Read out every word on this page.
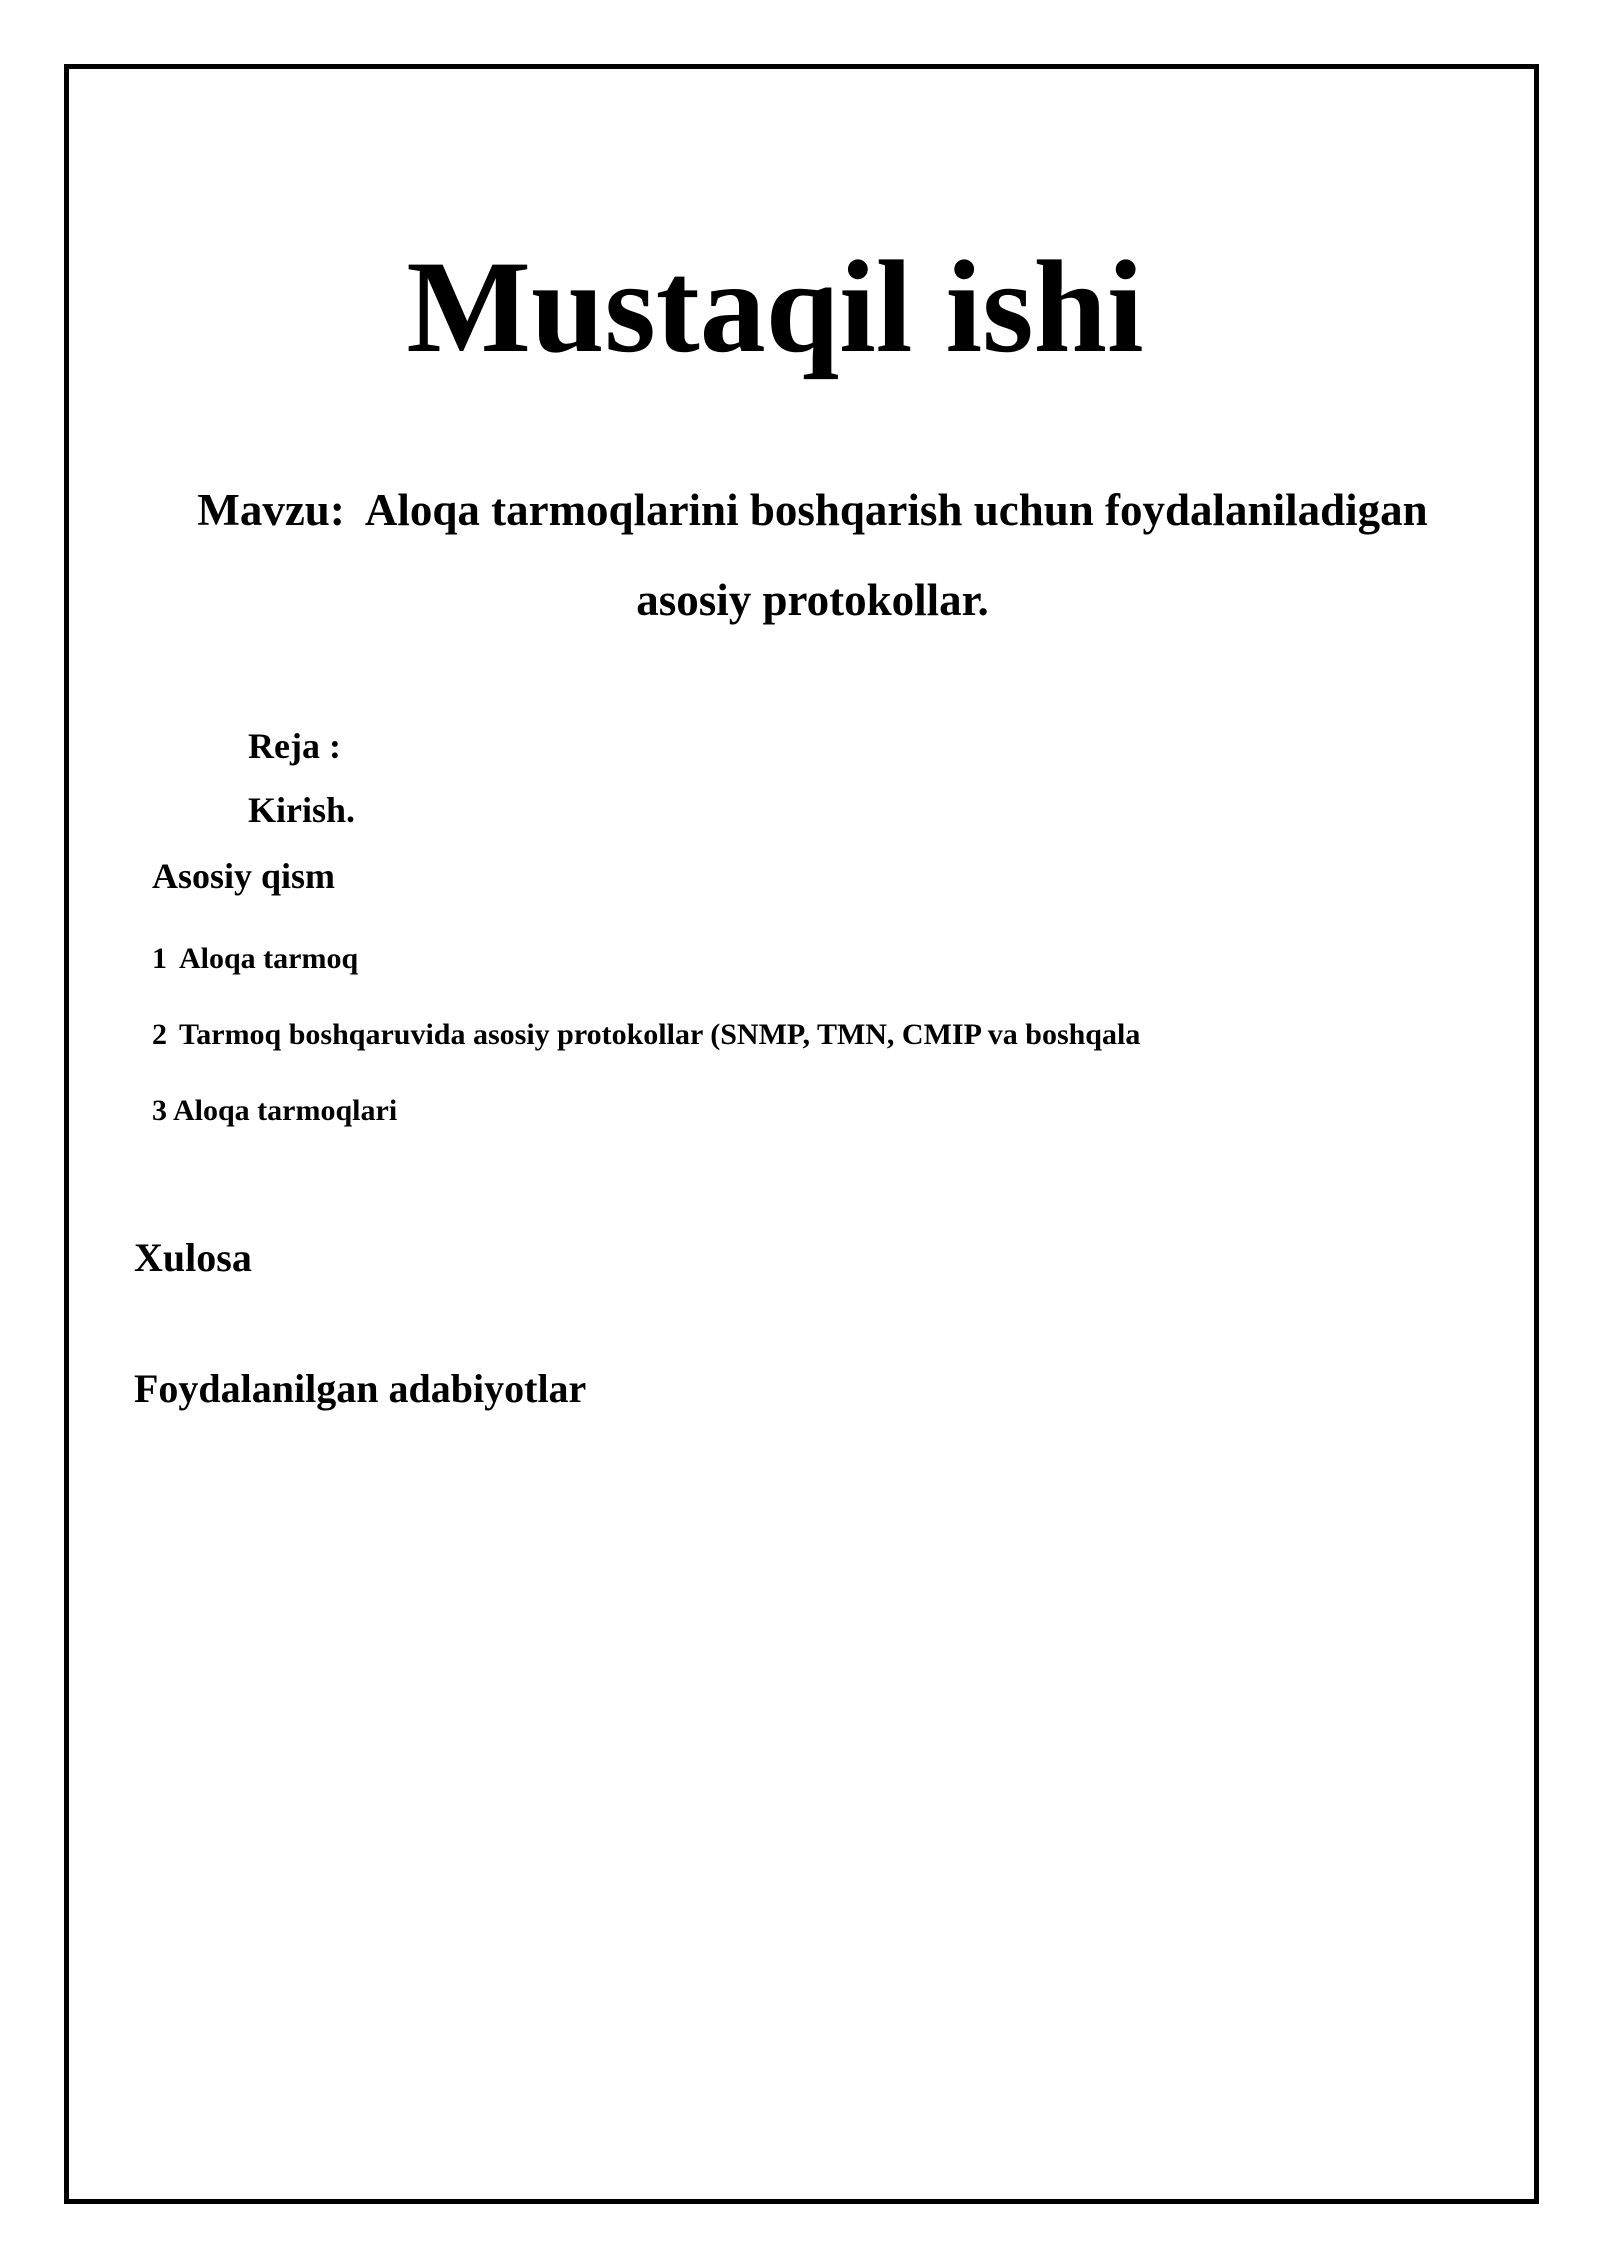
Mustaqil ishi

Mavzu: Aloqa tarmoqlarini boshqarish uchun foydalaniladigan

asosiy protokollar.

Reja :

Kirish.

Asosiy qism

1 Aloqa tarmoq

2 Tarmoq boshqaruvida asosiy protokollar (SNMP, TMN, CMIP va boshqala

3 Aloqa tarmoqlari

Xulosa

Foydalanilgan adabiyotlar
